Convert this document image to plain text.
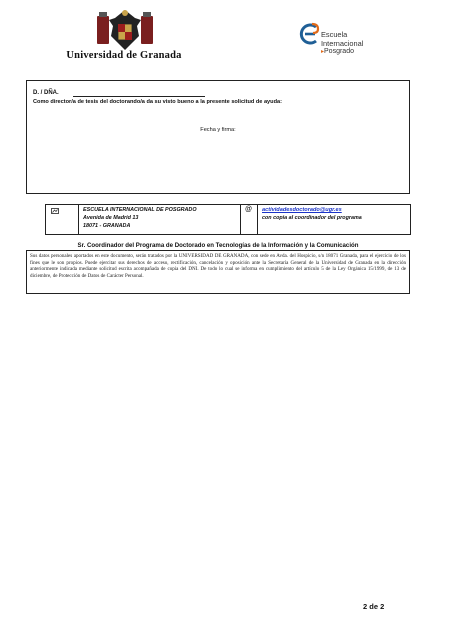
Universidad de Granada
Escuela
Internacional
▸Posgrado
D. / DÑA.
Como director/a de tesis del doctorando/a da su visto bueno a la presente solicitud de ayuda:
Fecha y firma:
ESCUELA INTERNACIONAL DE POSGRADO
Avenida de Madrid 13
18071 - GRANADA
@ actividadesdoctorado@ugr.es
con copia al coordinador del programa
Sr. Coordinador del Programa de Doctorado en Tecnologías de la Información y la Comunicación
Sus datos personales aportados en este documento, serán tratados por la UNIVERSIDAD DE GRANADA, con sede en Avda. del Hospicio, s/n 18071 Granada, para el ejercicio de los fines que le son propios. Puede ejercitar sus derechos de acceso, rectificación, cancelación y oposición ante la Secretaría General de la Universidad de Granada en la dirección anteriormente indicada mediante solicitud escrita acompañada de copia del DNI. De todo lo cual se informa en cumplimiento del artículo 5 de la Ley Orgánica 15/1999, de 13 de diciembre, de Protección de Datos de Carácter Personal.
2 de 2
